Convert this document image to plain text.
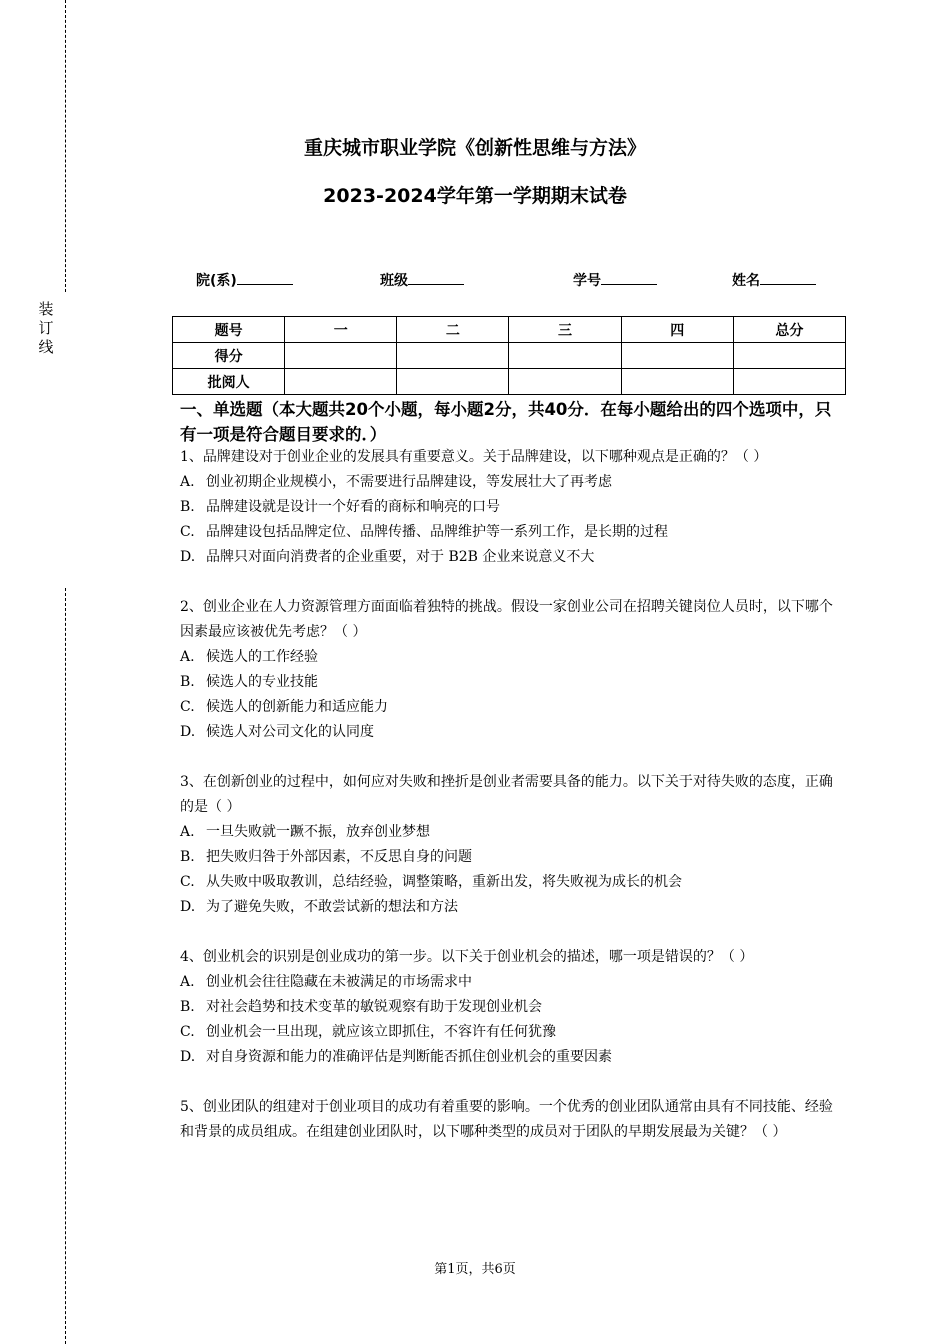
装
订
线
重庆城市职业学院《创新性思维与方法》
2023-2024学年第一学期期末试卷
院(系)	班级	学号	姓名
题号	一	二	三	四	总分
得分					
批阅人					
一、单选题（本大题共20个小题，每小题2分，共40分．在每小题给出的四个选项中，只有一项是符合题目要求的．）

1、品牌建设对于创业企业的发展具有重要意义。关于品牌建设，以下哪种观点是正确的？（ ）

A. 创业初期企业规模小，不需要进行品牌建设，等发展壮大了再考虑

B. 品牌建设就是设计一个好看的商标和响亮的口号

C. 品牌建设包括品牌定位、品牌传播、品牌维护等一系列工作，是长期的过程

D. 品牌只对面向消费者的企业重要，对于 B2B 企业来说意义不大

2、创业企业在人力资源管理方面面临着独特的挑战。假设一家创业公司在招聘关键岗位人员时，以下哪个因素最应该被优先考虑？（ ）

A. 候选人的工作经验

B. 候选人的专业技能

C. 候选人的创新能力和适应能力

D. 候选人对公司文化的认同度

3、在创新创业的过程中，如何应对失败和挫折是创业者需要具备的能力。以下关于对待失败的态度，正确的是（ ）

A. 一旦失败就一蹶不振，放弃创业梦想

B. 把失败归咎于外部因素，不反思自身的问题

C. 从失败中吸取教训，总结经验，调整策略，重新出发，将失败视为成长的机会

D. 为了避免失败，不敢尝试新的想法和方法

4、创业机会的识别是创业成功的第一步。以下关于创业机会的描述，哪一项是错误的？（ ）

A. 创业机会往往隐藏在未被满足的市场需求中

B. 对社会趋势和技术变革的敏锐观察有助于发现创业机会

C. 创业机会一旦出现，就应该立即抓住，不容许有任何犹豫

D. 对自身资源和能力的准确评估是判断能否抓住创业机会的重要因素

5、创业团队的组建对于创业项目的成功有着重要的影响。一个优秀的创业团队通常由具有不同技能、经验和背景的成员组成。在组建创业团队时，以下哪种类型的成员对于团队的早期发展最为关键？（ ）

第1页，共6页
